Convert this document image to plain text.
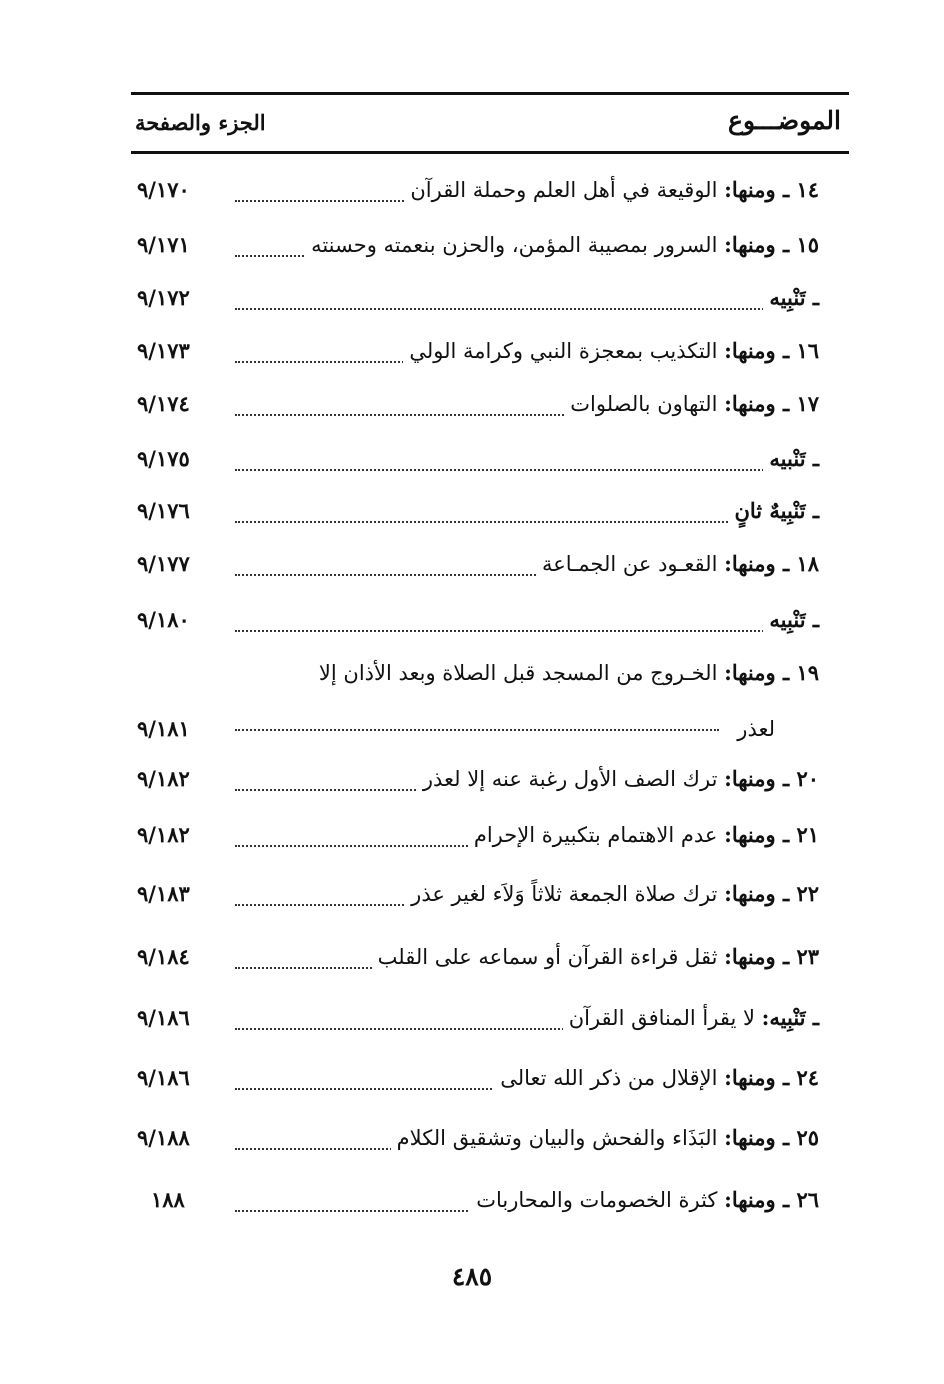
الموضـــوع
الجزء والصفحة
١٤ ـ ومنها: الوقيعة في أهل العلم وحملة القرآن
٩/١٧٠
١٥ ـ ومنها: السرور بمصيبة المؤمن، والحزن بنعمته وحسنته
٩/١٧١
ـ تَنْبِيه
٩/١٧٢
١٦ ـ ومنها: التكذيب بمعجزة النبي وكرامة الولي
٩/١٧٣
١٧ ـ ومنها: التهاون بالصلوات
٩/١٧٤
ـ تَنْبيه
٩/١٧٥
ـ تَنْبِيهٌ ثانٍ
٩/١٧٦
١٨ ـ ومنها: القعـود عن الجمـاعة
٩/١٧٧
ـ تَنْبِيه
٩/١٨٠
١٩ ـ ومنها: الخـروج من المسجد قبل الصلاة وبعد الأذان إلا
لعذر
٩/١٨١
٢٠ ـ ومنها: ترك الصف الأول رغبة عنه إلا لعذر
٩/١٨٢
٢١ ـ ومنها: عدم الاهتمام بتكبيرة الإحرام
٩/١٨٢
٢٢ ـ ومنها: ترك صلاة الجمعة ثلاثاً وَلاَء لغير عذر
٩/١٨٣
٢٣ ـ ومنها: ثقل قراءة القرآن أو سماعه على القلب
٩/١٨٤
ـ تَنْبِيه: لا يقرأ المنافق القرآن
٩/١٨٦
٢٤ ـ ومنها: الإقلال من ذكر الله تعالى
٩/١٨٦
٢٥ ـ ومنها: البَذَاء والفحش والبيان وتشقيق الكلام
٩/١٨٨
٢٦ ـ ومنها: كثرة الخصومات والمحاربات
١٨٨
٤٨٥
